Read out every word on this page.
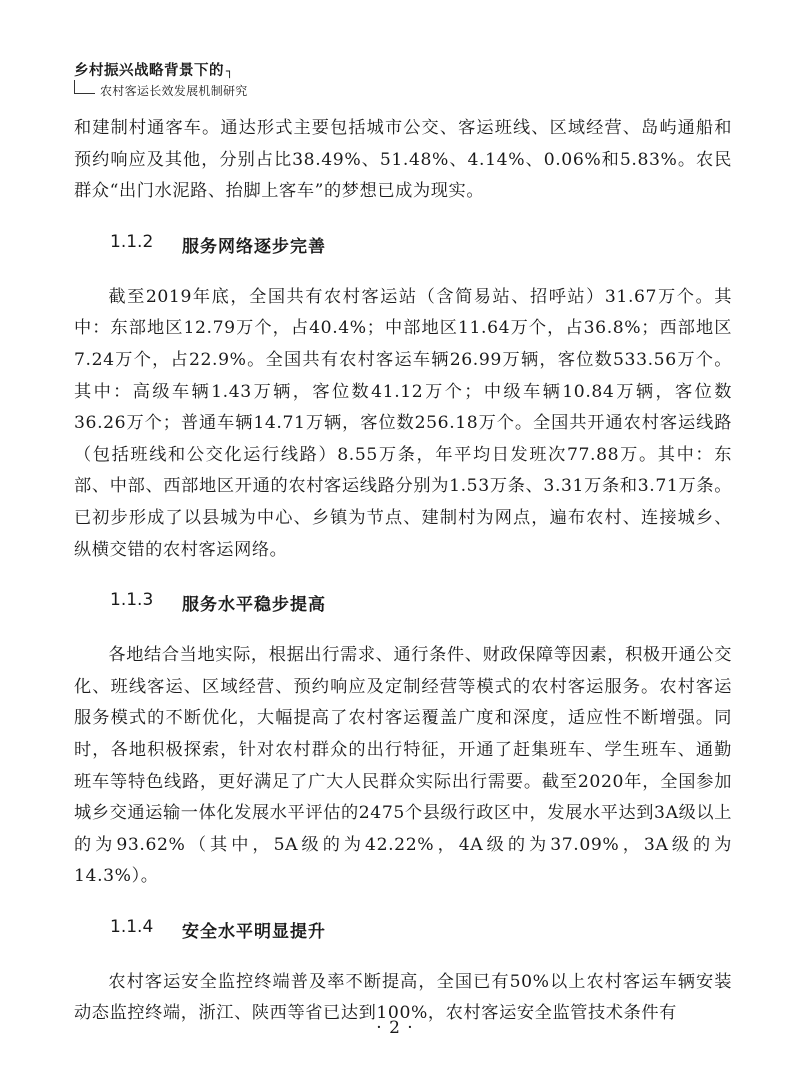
乡村振兴战略背景下的 ┐
农村客运长效发展机制研究

和建制村通客车。通达形式主要包括城市公交、客运班线、区域经营、岛屿通船和预约响应及其他，分别占比38.49%、51.48%、4.14%、0.06%和5.83%。农民群众“出门水泥路、抬脚上客车”的梦想已成为现实。

1.1.2 服务网络逐步完善

截至2019年底，全国共有农村客运站（含简易站、招呼站）31.67万个。其中：东部地区12.79万个，占40.4%；中部地区11.64万个，占36.8%；西部地区7.24万个，占22.9%。全国共有农村客运车辆26.99万辆，客位数533.56万个。其中：高级车辆1.43万辆，客位数41.12万个；中级车辆10.84万辆，客位数36.26万个；普通车辆14.71万辆，客位数256.18万个。全国共开通农村客运线路（包括班线和公交化运行线路）8.55万条，年平均日发班次77.88万。其中：东部、中部、西部地区开通的农村客运线路分别为1.53万条、3.31万条和3.71万条。已初步形成了以县城为中心、乡镇为节点、建制村为网点，遍布农村、连接城乡、纵横交错的农村客运网络。

1.1.3 服务水平稳步提高

各地结合当地实际，根据出行需求、通行条件、财政保障等因素，积极开通公交化、班线客运、区域经营、预约响应及定制经营等模式的农村客运服务。农村客运服务模式的不断优化，大幅提高了农村客运覆盖广度和深度，适应性不断增强。同时，各地积极探索，针对农村群众的出行特征，开通了赶集班车、学生班车、通勤班车等特色线路，更好满足了广大人民群众实际出行需要。截至2020年，全国参加城乡交通运输一体化发展水平评估的2475个县级行政区中，发展水平达到3A级以上的为93.62%（其中，5A级的为42.22%，4A级的为37.09%，3A级的为14.3%）。

1.1.4 安全水平明显提升

农村客运安全监控终端普及率不断提高，全国已有50%以上农村客运车辆安装动态监控终端，浙江、陕西等省已达到100%，农村客运安全监管技术条件有

· 2 ·
